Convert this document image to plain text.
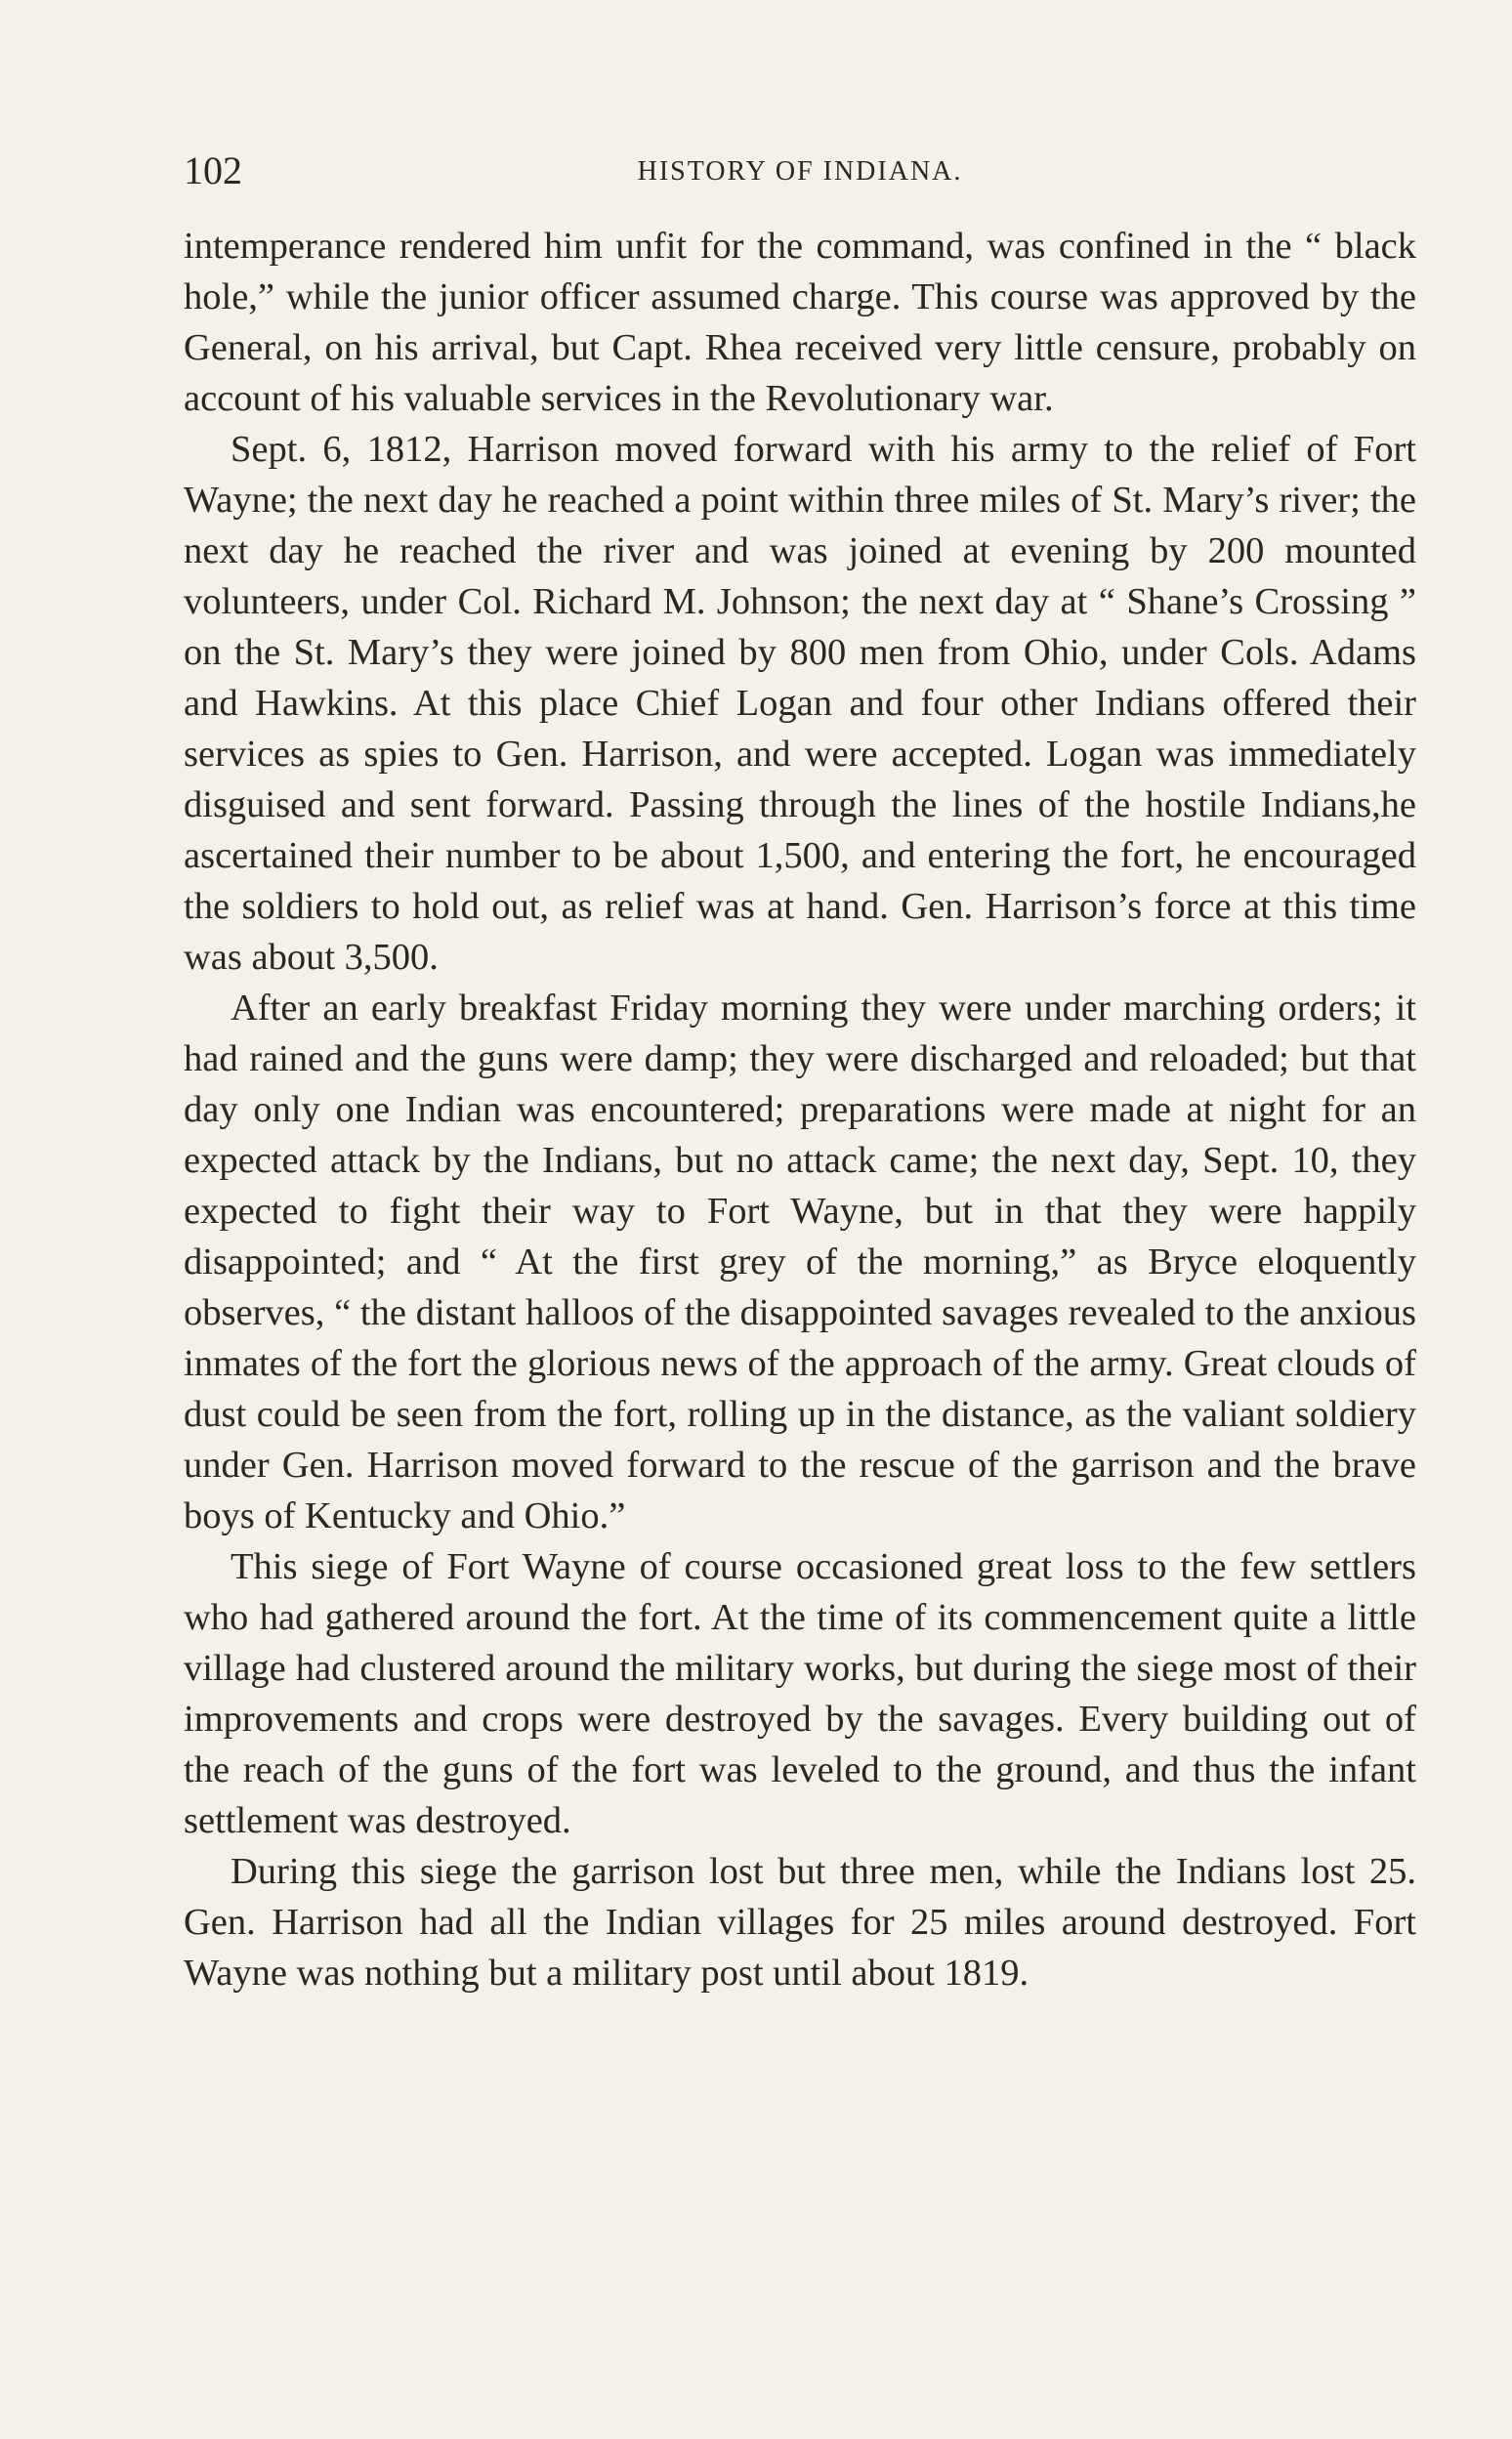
102	HISTORY OF INDIANA.

intemperance rendered him unfit for the command, was confined in the “ black hole,” while the junior officer assumed charge. This course was approved by the General, on his arrival, but Capt. Rhea received very little censure, probably on account of his valuable services in the Revolutionary war.

Sept. 6, 1812, Harrison moved forward with his army to the relief of Fort Wayne; the next day he reached a point within three miles of St. Mary’s river; the next day he reached the river and was joined at evening by 200 mounted volunteers, under Col. Richard M. Johnson; the next day at “ Shane’s Crossing ” on the St. Mary’s they were joined by 800 men from Ohio, under Cols. Adams and Hawkins. At this place Chief Logan and four other Indians offered their services as spies to Gen. Harrison, and were accepted. Logan was immediately disguised and sent forward. Passing through the lines of the hostile Indians,he ascertained their number to be about 1,500, and entering the fort, he encouraged the soldiers to hold out, as relief was at hand. Gen. Harrison’s force at this time was about 3,500.

After an early breakfast Friday morning they were under marching orders; it had rained and the guns were damp; they were discharged and reloaded; but that day only one Indian was encountered; preparations were made at night for an expected attack by the Indians, but no attack came; the next day, Sept. 10, they expected to fight their way to Fort Wayne, but in that they were happily disappointed; and “ At the first grey of the morning,” as Bryce eloquently observes, “ the distant halloos of the disappointed savages revealed to the anxious inmates of the fort the glorious news of the approach of the army. Great clouds of dust could be seen from the fort, rolling up in the distance, as the valiant soldiery under Gen. Harrison moved forward to the rescue of the garrison and the brave boys of Kentucky and Ohio.”

This siege of Fort Wayne of course occasioned great loss to the few settlers who had gathered around the fort. At the time of its commencement quite a little village had clustered around the military works, but during the siege most of their improvements and crops were destroyed by the savages. Every building out of the reach of the guns of the fort was leveled to the ground, and thus the infant settlement was destroyed.

During this siege the garrison lost but three men, while the Indians lost 25. Gen. Harrison had all the Indian villages for 25 miles around destroyed. Fort Wayne was nothing but a military post until about 1819.
